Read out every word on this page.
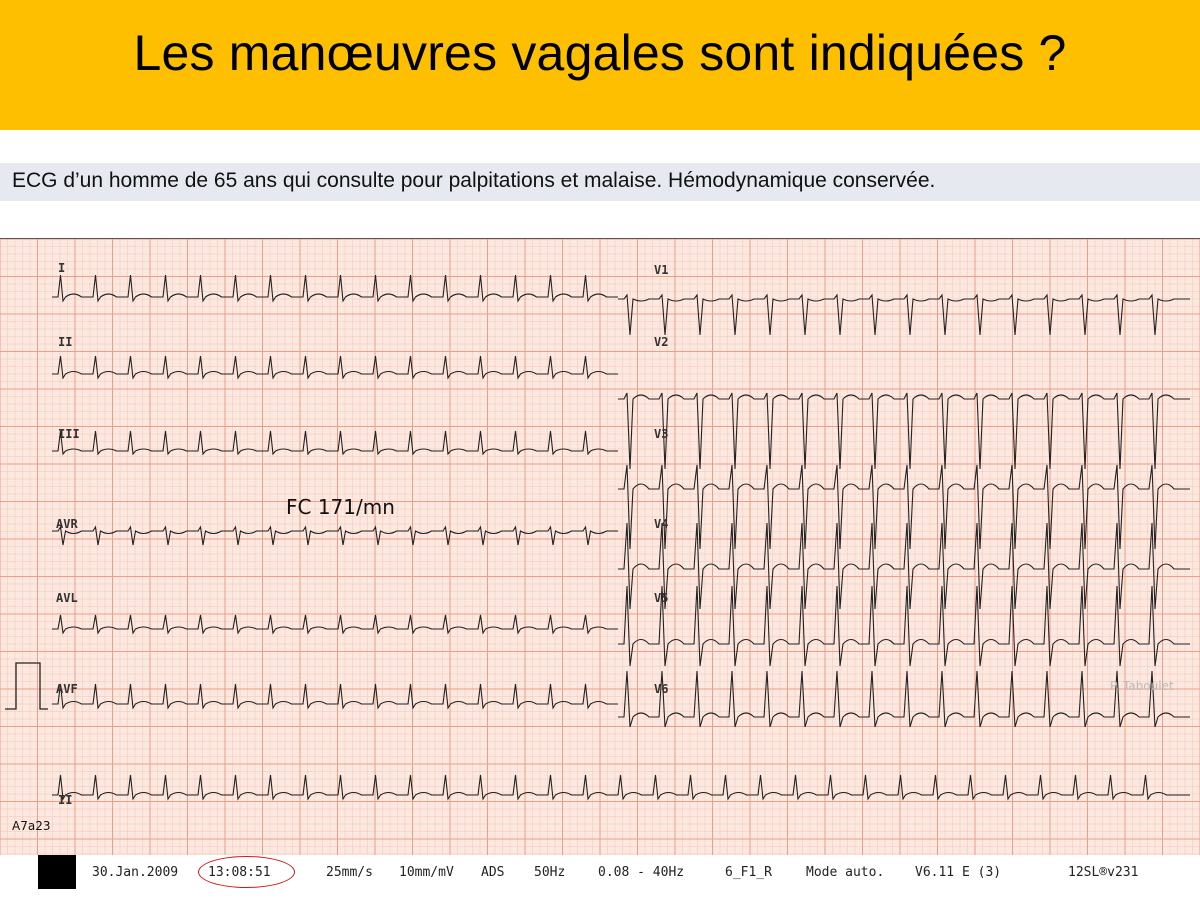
Les manœuvres vagales sont indiquées ?
ECG d’un homme de 65 ans qui consulte pour palpitations et malaise. Hémodynamique conservée.
I
II
III
AVR
AVL
AVF
V1
V2
V3
V4
V5
V6
II
FC 171/mn
A7a23
P. Taboulet
30.Jan.2009 13:08:51	25mm/s 10mm/mV ADS 50Hz	0.08 - 40Hz	6_F1_R	Mode auto. V6.11 E (3)	12SL®v231
